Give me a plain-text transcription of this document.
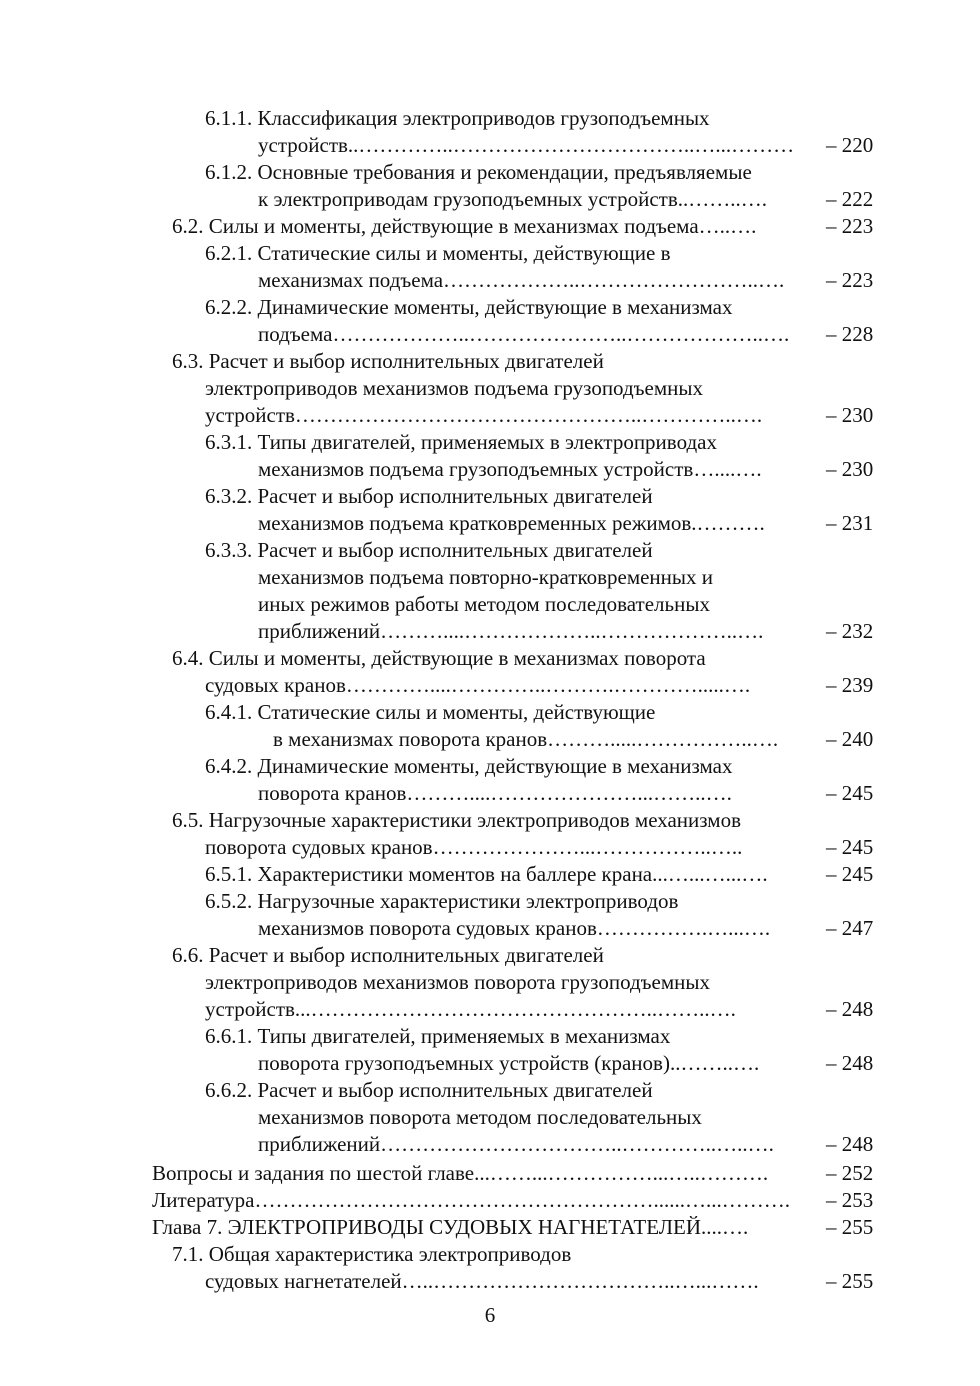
6.1.1. Классификация электроприводов грузоподъемных
устройств..…………..……………………………..…...……… – 220
6.1.2. Основные требования и рекомендации, предъявляемые
к электроприводам грузоподъемных устройств..……..….	– 222
6.2. Силы и моменты, действующие в механизмах подъема…..….	– 223
6.2.1. Статические силы и моменты, действующие в
механизмах подъема………………..……………………..…. – 223
6.2.2. Динамические моменты, действующие в механизмах
подъема………………..…………………..………………..…. – 228
6.3. Расчет и выбор исполнительных двигателей
электроприводов механизмов подъема грузоподъемных
устройств…………………………………………..…………..….	– 230
6.3.1. Типы двигателей, применяемых в электроприводах
механизмов подъема грузоподъемных устройств…....….	– 230
6.3.2. Расчет и выбор исполнительных двигателей
механизмов подъема кратковременных режимов.……….	– 231
6.3.3. Расчет и выбор исполнительных двигателей
механизмов подъема повторно-кратковременных и
иных режимов работы методом последовательных
приближений………....………………..………………..….	– 232
6.4. Силы и моменты, действующие в механизмах поворота
судовых кранов…………....…………..……….………….....….	– 239
6.4.1. Статические силы и моменты, действующие
в механизмах поворота кранов……….....……………..…. – 240
6.4.2. Динамические моменты, действующие в механизмах
поворота кранов………....…………………...……..….	– 245
6.5. Нагрузочные характеристики электроприводов механизмов
поворота судовых кранов…………………...……………..…..	– 245
6.5.1. Характеристики моментов на баллере крана...…...…...….	– 245
6.5.2. Нагрузочные характеристики электроприводов
механизмов поворота судовых кранов…………….…...….	– 247
6.6. Расчет и выбор исполнительных двигателей
электроприводов механизмов поворота грузоподъемных
устройств...…………………………………………..……..….	– 248
6.6.1. Типы двигателей, применяемых в механизмах
поворота грузоподъемных устройств (кранов)..……..….	– 248
6.6.2. Расчет и выбор исполнительных двигателей
механизмов поворота методом последовательных
приближений……………………………..…………..…..…. – 248
Вопросы и задания по шестой главе...……...……………...…..……….	– 252
Литература…………………………………………………......…...………. – 253
Глава 7. ЭЛЕКТРОПРИВОДЫ СУДОВЫХ НАГНЕТАТЕЛЕЙ....….	– 255
7.1. Общая характеристика электроприводов
судовых нагнетателей…..……………………………..…...…….	– 255
6
